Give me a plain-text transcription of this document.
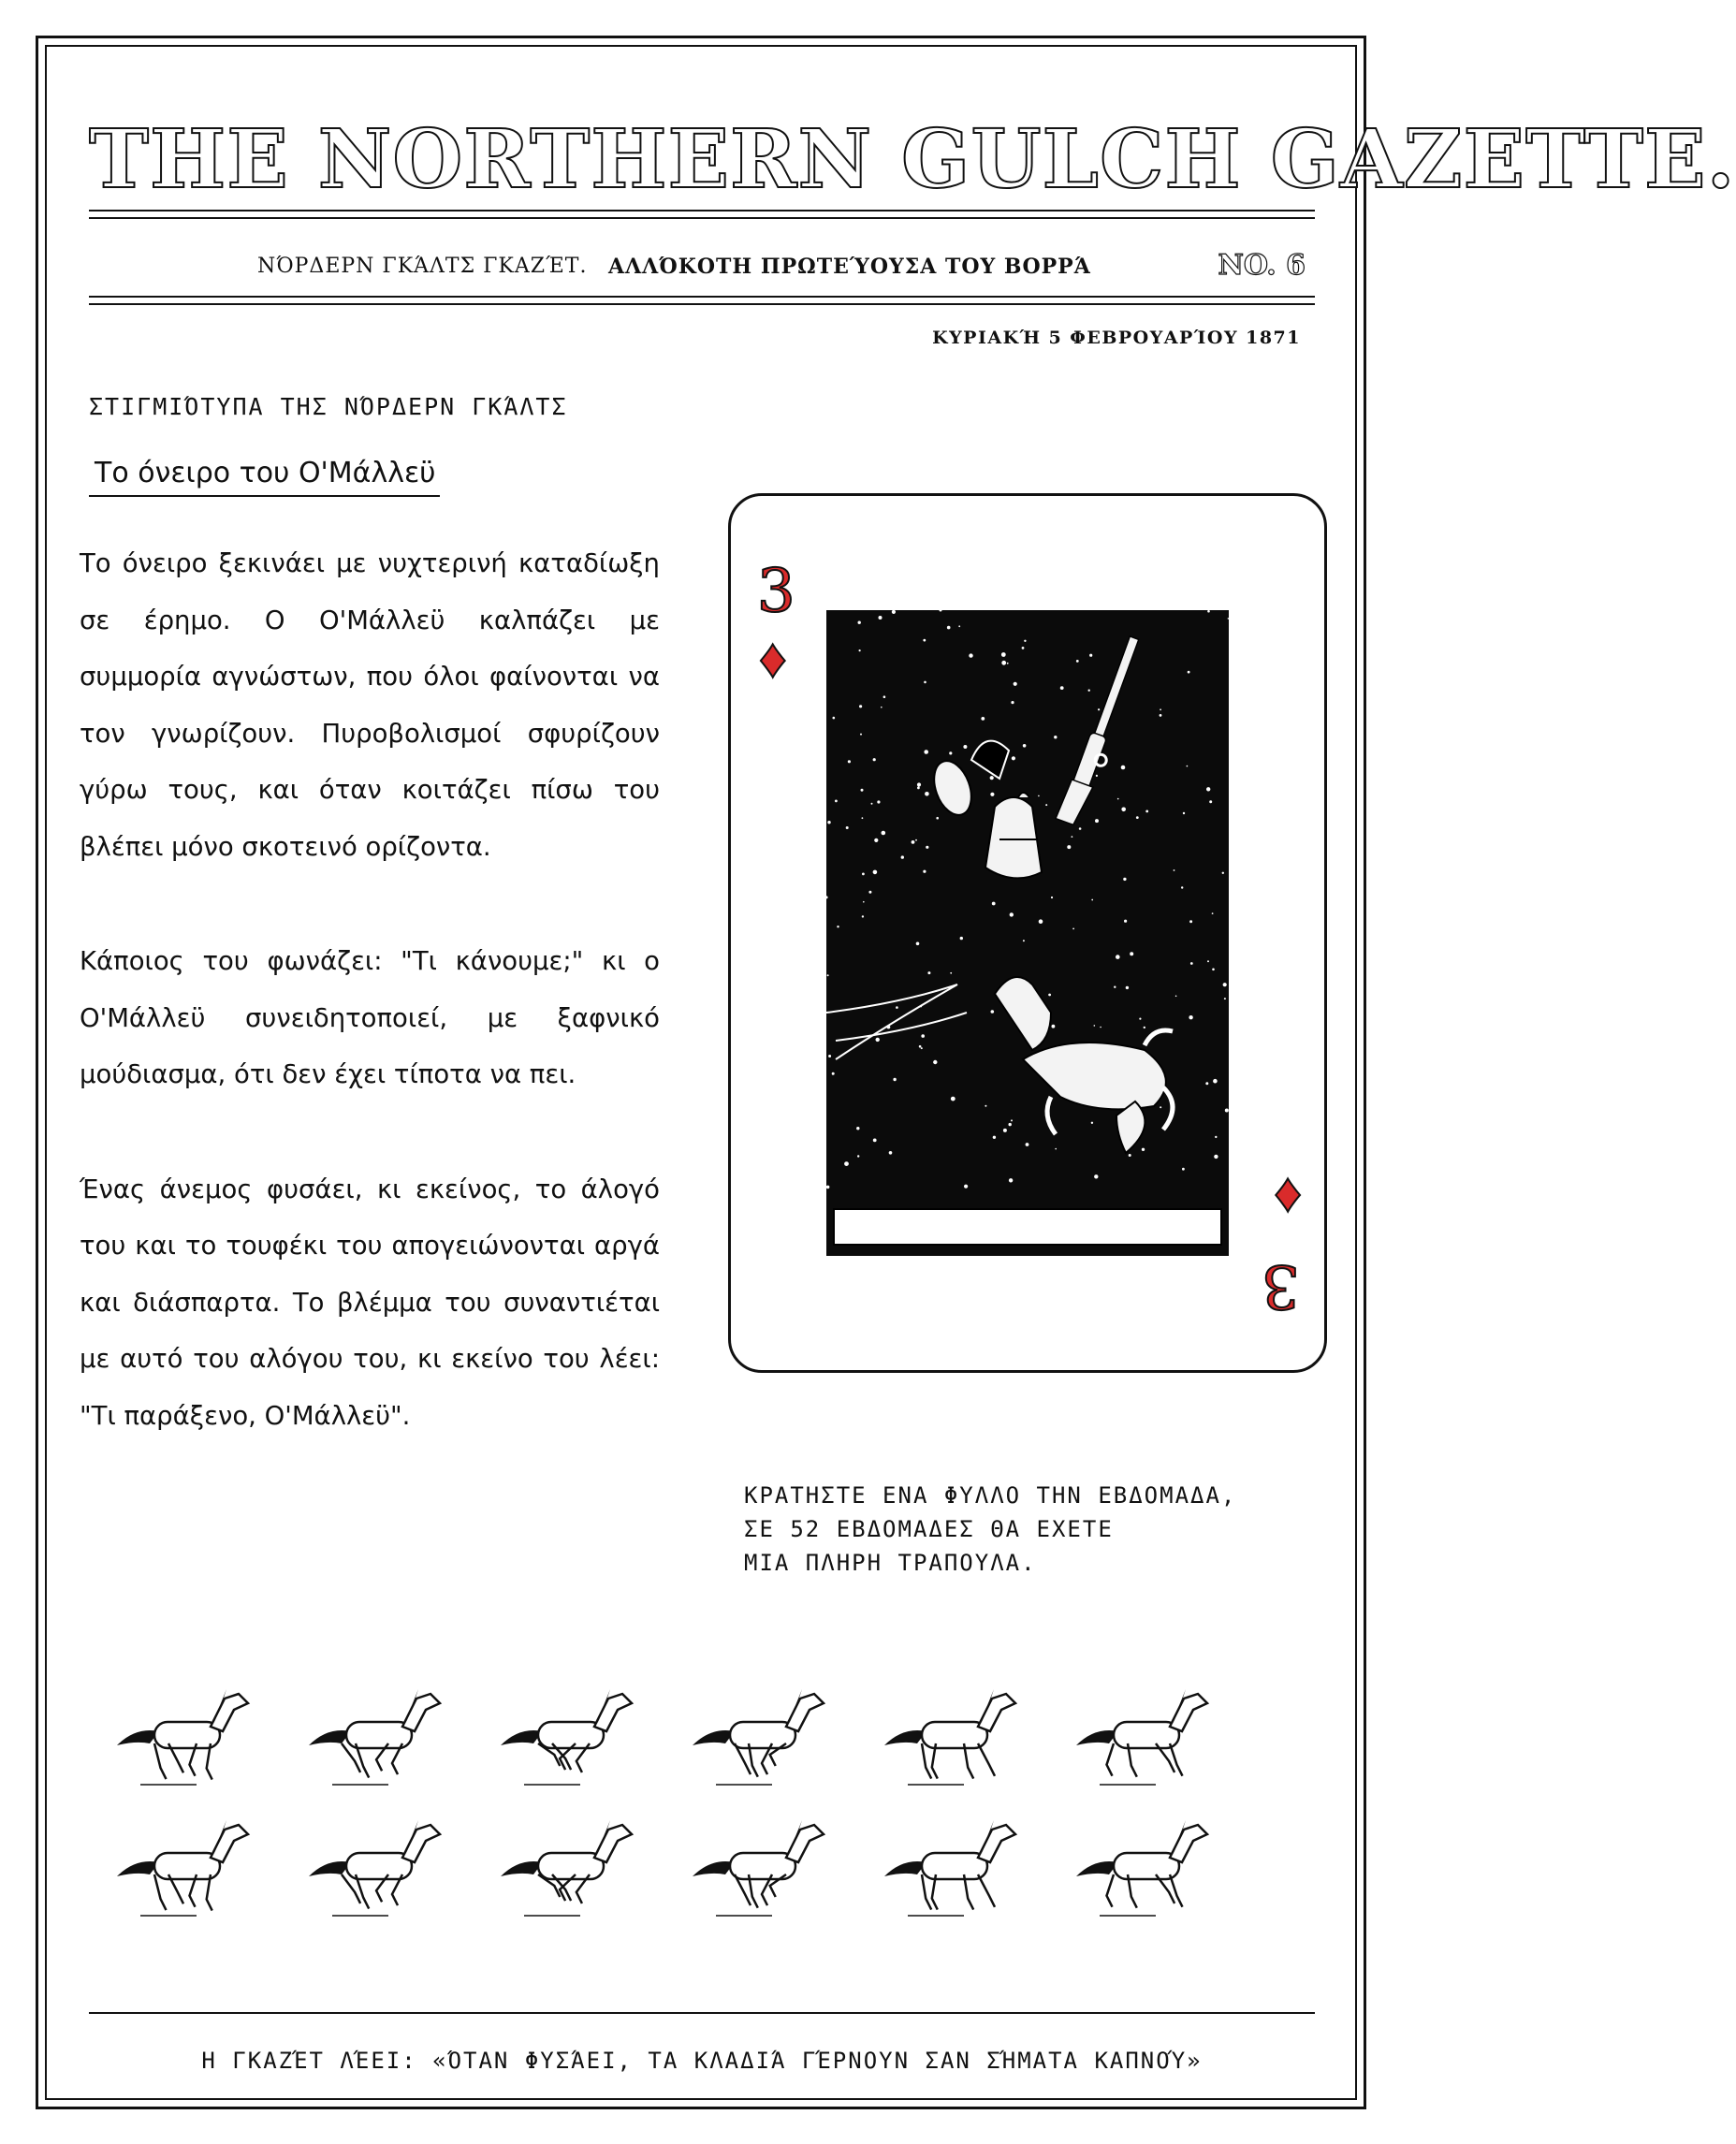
THE NORTHERN GULCH GAZETTE.
ΝΌΡΔΕΡΝ ΓΚΆΛΤΣ ΓΚΑΖΈΤ. ΑΛΛΌΚΟΤΗ ΠΡΩΤΕΎΟΥΣΑ ΤΟΥ ΒΟΡΡΆ	NO. 6
ΚΥΡΙΑΚΉ 5 ΦΕΒΡΟΥΑΡΊΟΥ 1871
ΣΤΙΓΜΙΌΤΥΠΑ ΤΗΣ ΝΌΡΔΕΡΝ ΓΚΆΛΤΣ
Το όνειρο του Ο'Μάλλεϋ

Το όνειρο ξεκινάει με νυχτερινή καταδίωξη σε έρημο. Ο Ο'Μάλλεϋ καλπάζει με συμμορία αγνώστων, που όλοι φαίνονται να τον γνωρίζουν. Πυροβολισμοί σφυρίζουν γύρω τους, και όταν κοιτάζει πίσω του βλέπει μόνο σκοτεινό ορίζοντα.

Κάποιος του φωνάζει: "Τι κάνουμε;" κι ο Ο'Μάλλεϋ συνειδητοποιεί, με ξαφνικό μούδιασμα, ότι δεν έχει τίποτα να πει.

Ένας άνεμος φυσάει, κι εκείνος, το άλογό του και το τουφέκι του απογειώνονται αργά και διάσπαρτα. Το βλέμμα του συναντιέται με αυτό του αλόγου του, κι εκείνο του λέει: "Τι παράξενο, Ο'Μάλλεϋ".

3
♦
♦
3
ΚΡΑΤΗΣΤΕ ΕΝΑ ΦΥΛΛΟ ΤΗΝ ΕΒΔΟΜΑΔΑ,
ΣΕ 52 ΕΒΔΟΜΑΔΕΣ ΘΑ ΕΧΕΤΕ
ΜΙΑ ΠΛΗΡΗ ΤΡΑΠΟΥΛΑ.
Η ΓΚΑΖΈΤ ΛΈΕΙ: «ΌΤΑΝ ΦΥΣΆΕΙ, ΤΑ ΚΛΑΔΙΆ ΓΈΡΝΟΥΝ ΣΑΝ ΣΉΜΑΤΑ ΚΑΠΝΟΎ»
